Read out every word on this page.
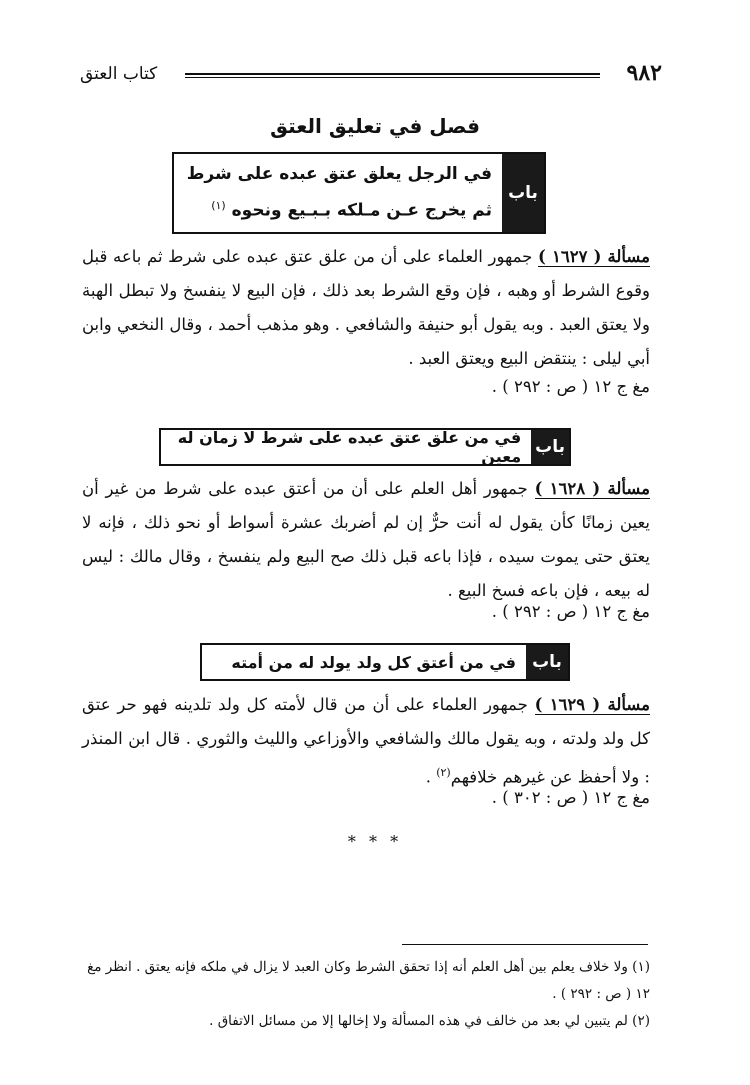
٩٨٢
كتاب العتق
فصل في تعليق العتق
باب
في الرجل يعلق عتق عبده على شرط
ثم يخرج عـن مـلكه بـبـيع ونحوه $^{(١)}$

مسألة ( ١٦٢٧ ) جمهور العلماء على أن من علق عتق عبده على شرط ثم باعه قبل وقوع الشرط أو وهبه ، فإن وقع الشرط بعد ذلك ، فإن البيع لا ينفسخ ولا تبطل الهبة ولا يعتق العبد . وبه يقول أبو حنيفة والشافعي . وهو مذهب أحمد ، وقال النخعي وابن أبي ليلى : ينتقض البيع ويعتق العبد .

مغ ج ١٢ ( ص : ٢٩٢ ) .
باب
في من علق عتق عبده على شرط لا زمان له معين

مسألة ( ١٦٢٨ ) جمهور أهل العلم على أن من أعتق عبده على شرط من غير أن يعين زمانًا كأن يقول له أنت حرٌّ إن لم أضربك عشرة أسواط أو نحو ذلك ، فإنه لا يعتق حتى يموت سيده ، فإذا باعه قبل ذلك صح البيع ولم ينفسخ ، وقال مالك : ليس له بيعه ، فإن باعه فسخ البيع .

مغ ج ١٢ ( ص : ٢٩٢ ) .
باب
في من أعتق كل ولد يولد له من أمته

مسألة ( ١٦٢٩ ) جمهور العلماء على أن من قال لأمته كل ولد تلدينه فهو حر عتق كل ولد ولدته ، وبه يقول مالك والشافعي والأوزاعي والليث والثوري . قال ابن المنذر : ولا أحفظ عن غيرهم خلافهم$^{(٢)}$ .

مغ ج ١٢ ( ص : ٣٠٢ ) .
* * *

(١) ولا خلاف يعلم بين أهل العلم أنه إذا تحقق الشرط وكان العبد لا يزال في ملكه فإنه يعتق . انظر مغ ١٢ ( ص : ٢٩٢ ) .

(٢) لم يتبين لي بعد من خالف في هذه المسألة ولا إخالها إلا من مسائل الاتفاق .
